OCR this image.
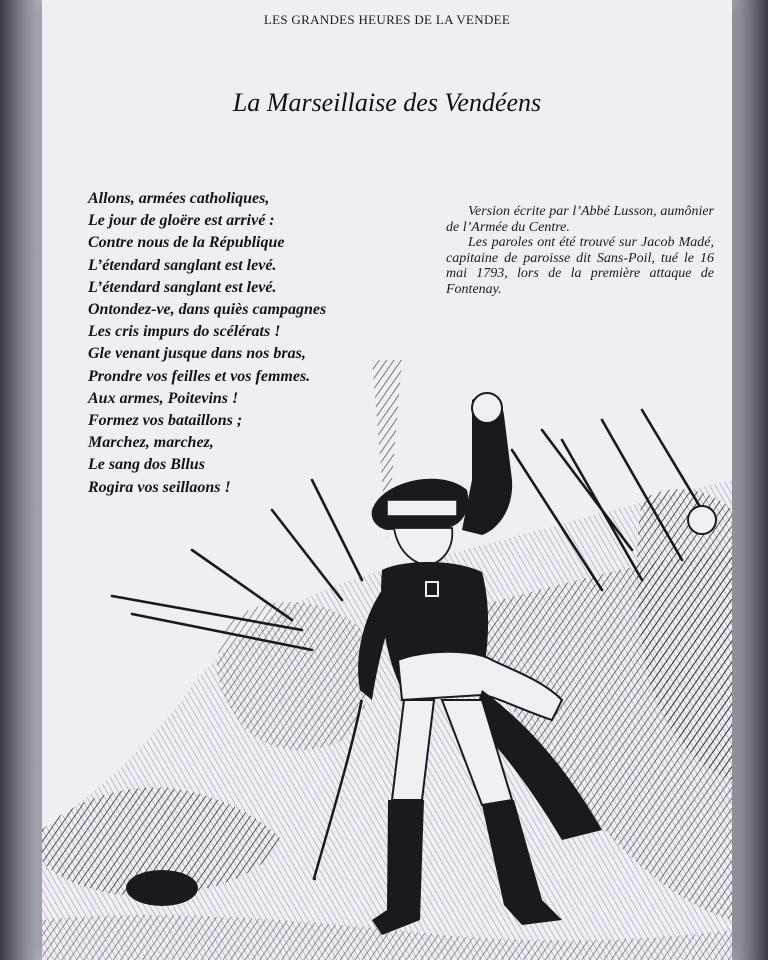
LES GRANDES HEURES DE LA VENDEE
La Marseillaise des Vendéens
Allons, armées catholiques,
Le jour de gloëre est arrivé :
Contre nous de la République
L’étendard sanglant est levé.
L’étendard sanglant est levé.
Ontondez-ve, dans quiès campagnes
Les cris impurs do scélérats !
Gle venant jusque dans nos bras,
Prondre vos feilles et vos femmes.
Aux armes, Poitevins !
Formez vos bataillons ;
Marchez, marchez,
Le sang dos Bllus
Rogira vos seillaons !

Version écrite par l’Abbé Lusson, aumônier de l’Armée du Centre.

Les paroles ont été trouvé sur Jacob Madé, capitaine de paroisse dit Sans-Poil, tué le 16 mai 1793, lors de la première attaque de Fontenay.
